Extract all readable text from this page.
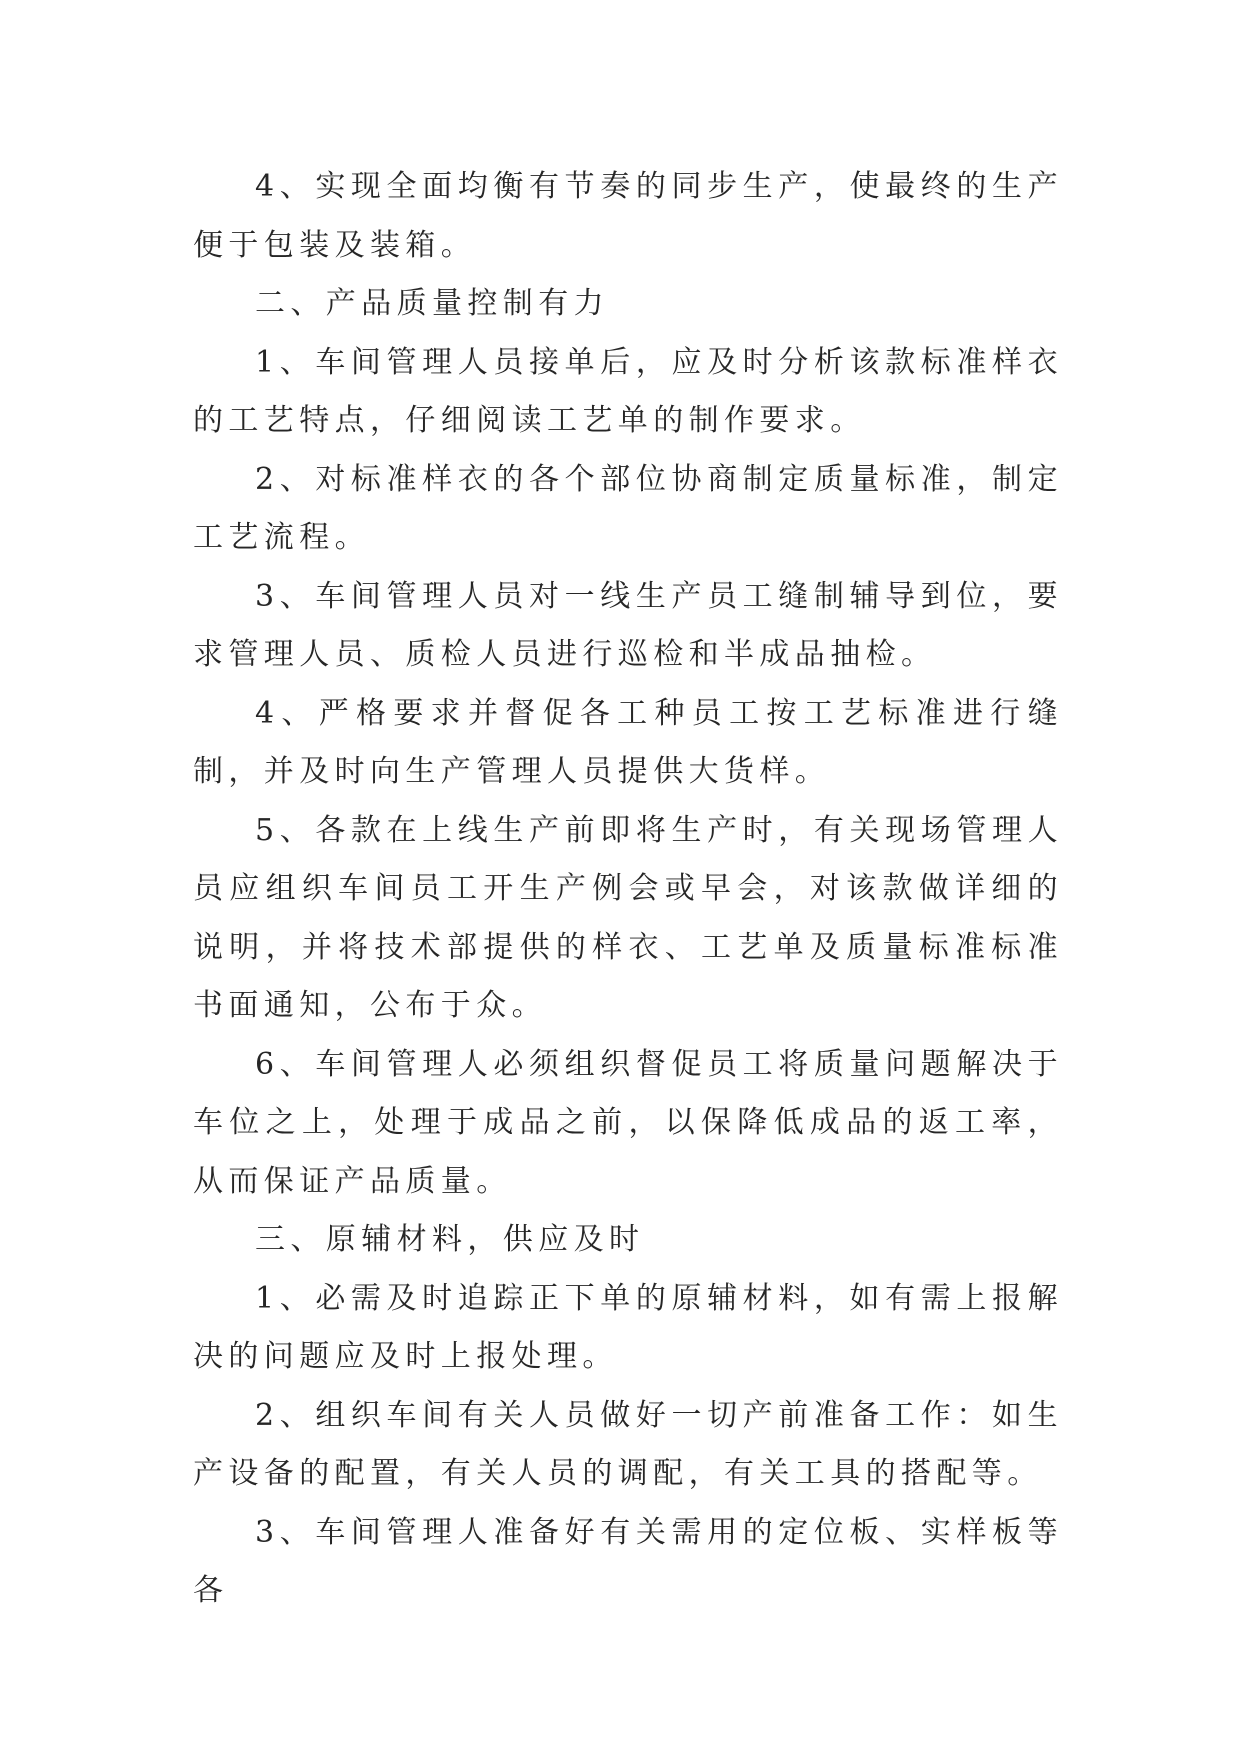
4、实现全面均衡有节奏的同步生产，使最终的生产便于包装及装箱。

二、产品质量控制有力

1、车间管理人员接单后，应及时分析该款标准样衣的工艺特点，仔细阅读工艺单的制作要求。

2、对标准样衣的各个部位协商制定质量标准，制定工艺流程。

3、车间管理人员对一线生产员工缝制辅导到位，要求管理人员、质检人员进行巡检和半成品抽检。

4、严格要求并督促各工种员工按工艺标准进行缝制，并及时向生产管理人员提供大货样。

5、各款在上线生产前即将生产时，有关现场管理人员应组织车间员工开生产例会或早会，对该款做详细的说明，并将技术部提供的样衣、工艺单及质量标准标准书面通知，公布于众。

6、车间管理人必须组织督促员工将质量问题解决于车位之上，处理于成品之前，以保降低成品的返工率，从而保证产品质量。

三、原辅材料，供应及时

1、必需及时追踪正下单的原辅材料，如有需上报解决的问题应及时上报处理。

2、组织车间有关人员做好一切产前准备工作：如生产设备的配置，有关人员的调配，有关工具的搭配等。

3、车间管理人准备好有关需用的定位板、实样板等各
